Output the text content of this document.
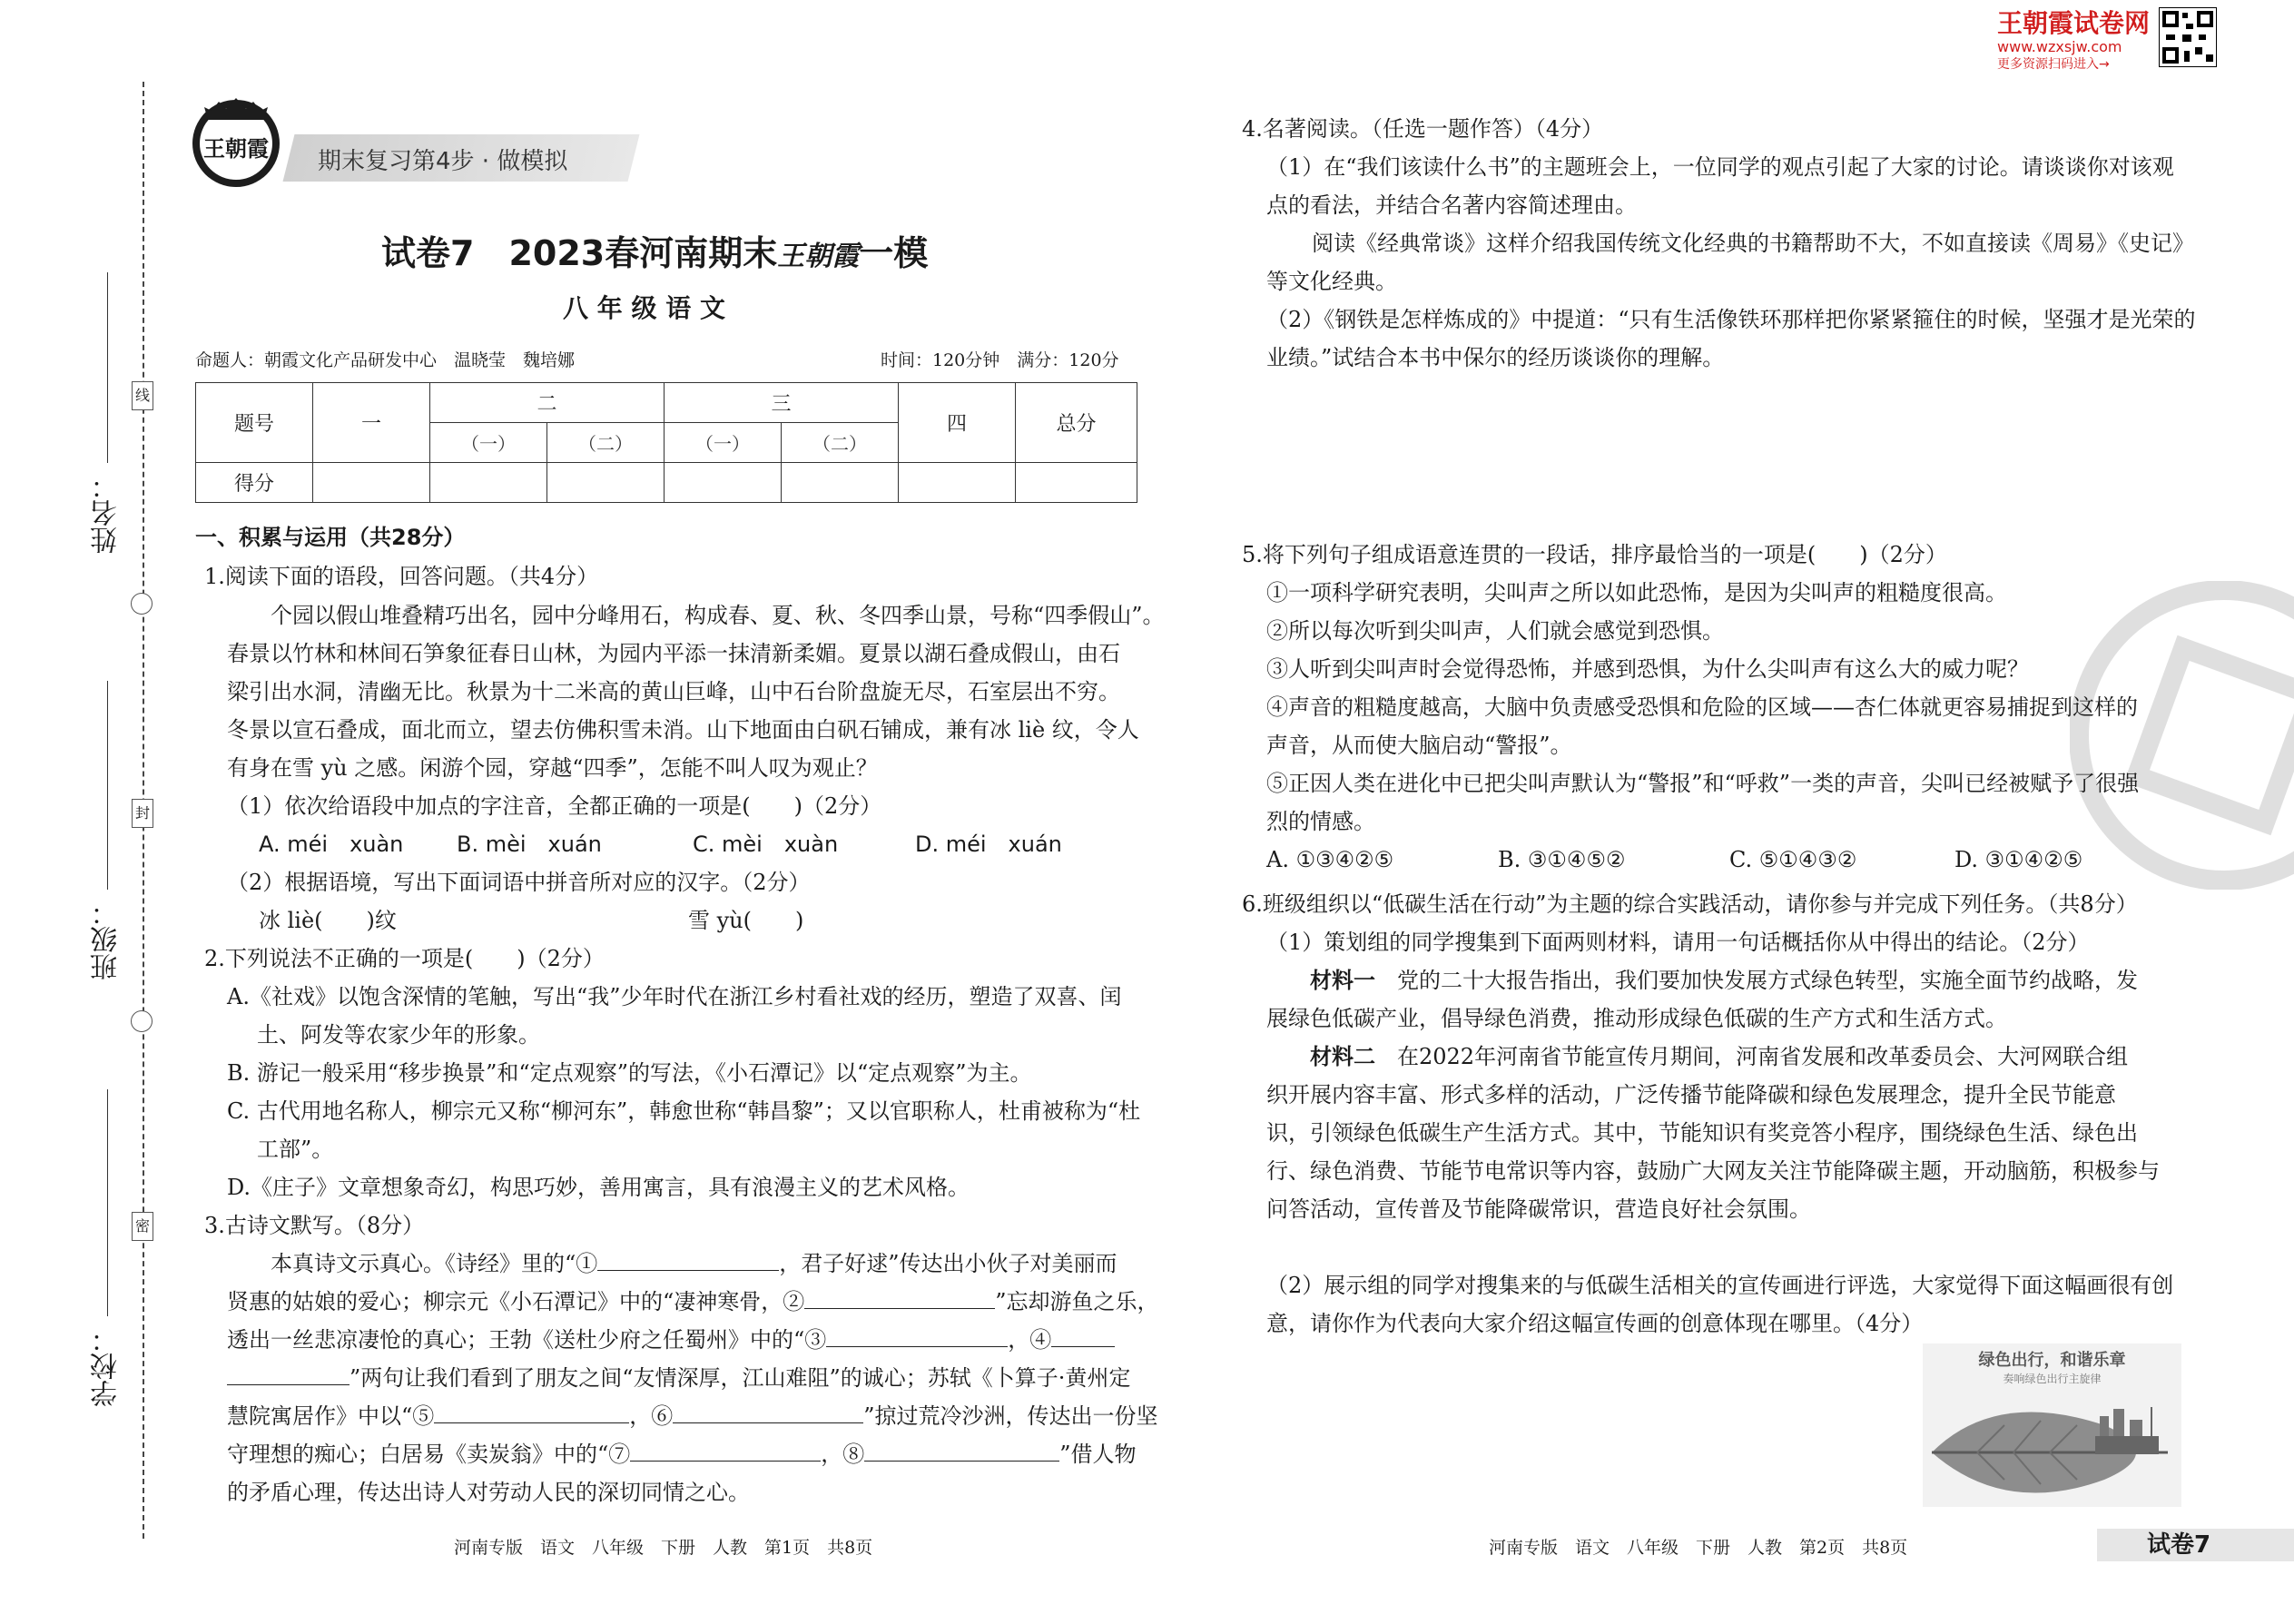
王朝霞试卷网
www.wzxsjw.com
更多资源扫码进入→
姓名：
班级：
学校：
线
封
密
王朝霞 期末复习第4步 · 做模拟
试卷7　2023春河南期末王朝霞一模
八 年 级 语 文
命题人：朝霞文化产品研发中心　温晓莹　魏培娜	时间：120分钟　满分：120分
题号	一	二		三		四	总分
		（一）	（二）	（一）	（二）		
得分							
一、积累与运用（共28分）
1.阅读下面的语段，回答问题。（共4分）
个园以假山堆叠精巧出名，园中分峰用石，构成春、夏、秋、冬四季山景，号称“四季假山”。
春景以竹林和林间石笋象征春日山林，为园内平添一抹清新柔媚。夏景以湖石叠成假山，由石
梁引出水洞，清幽无比。秋景为十二米高的黄山巨峰，山中石台阶盘旋无尽，石室层出不穷。
冬景以宣石叠成，面北而立，望去仿佛积雪未消。山下地面由白矾石铺成，兼有冰 liè 纹，令人
有身在雪 yù 之感。闲游个园，穿越“四季”，怎能不叫人叹为观止？
（1）依次给语段中加点的字注音，全都正确的一项是(　　)（2分）
A. méi　xuàn B. mèi　xuán	C. mèi　xuàn	D. méi　xuán
（2）根据语境，写出下面词语中拼音所对应的汉字。（2分）
冰 liè(　　)纹	雪 yù(　　)
2.下列说法不正确的一项是(　　)（2分）
A.《社戏》以饱含深情的笔触，写出“我”少年时代在浙江乡村看社戏的经历，塑造了双喜、闰
土、阿发等农家少年的形象。
B. 游记一般采用“移步换景”和“定点观察”的写法，《小石潭记》以“定点观察”为主。
C. 古代用地名称人，柳宗元又称“柳河东”，韩愈世称“韩昌黎”；又以官职称人，杜甫被称为“杜
工部”。
D.《庄子》文章想象奇幻，构思巧妙，善用寓言，具有浪漫主义的艺术风格。
3.古诗文默写。（8分）
本真诗文示真心。《诗经》里的“①	，君子好逑”传达出小伙子对美丽而
贤惠的姑娘的爱心；柳宗元《小石潭记》中的“凄神寒骨，②	”忘却游鱼之乐，
透出一丝悲凉凄怆的真心；王勃《送杜少府之任蜀州》中的“③	，④
”两句让我们看到了朋友之间“友情深厚，江山难阻”的诚心；苏轼《卜算子·黄州定
慧院寓居作》中以“⑤	，⑥	”掠过荒冷沙洲，传达出一份坚
守理想的痴心；白居易《卖炭翁》中的“⑦	，⑧	”借人物
的矛盾心理，传达出诗人对劳动人民的深切同情之心。
河南专版　语文　八年级　下册　人教　第1页　共8页
4.名著阅读。（任选一题作答）（4分）
（1）在“我们该读什么书”的主题班会上，一位同学的观点引起了大家的讨论。请谈谈你对该观
点的看法，并结合名著内容简述理由。
阅读《经典常谈》这样介绍我国传统文化经典的书籍帮助不大，不如直接读《周易》《史记》
等文化经典。
（2）《钢铁是怎样炼成的》中提道：“只有生活像铁环那样把你紧紧箍住的时候，坚强才是光荣的
业绩。”试结合本书中保尔的经历谈谈你的理解。
5.将下列句子组成语意连贯的一段话，排序最恰当的一项是(　　)（2分）
①一项科学研究表明，尖叫声之所以如此恐怖，是因为尖叫声的粗糙度很高。
②所以每次听到尖叫声，人们就会感觉到恐惧。
③人听到尖叫声时会觉得恐怖，并感到恐惧，为什么尖叫声有这么大的威力呢？
④声音的粗糙度越高，大脑中负责感受恐惧和危险的区域——杏仁体就更容易捕捉到这样的
声音，从而使大脑启动“警报”。
⑤正因人类在进化中已把尖叫声默认为“警报”和“呼救”一类的声音，尖叫已经被赋予了很强
烈的情感。
A. ①③④②⑤	B. ③①④⑤②	C. ⑤①④③②	D. ③①④②⑤
6.班级组织以“低碳生活在行动”为主题的综合实践活动，请你参与并完成下列任务。（共8分）
（1）策划组的同学搜集到下面两则材料，请用一句话概括你从中得出的结论。（2分）
材料一　 党的二十大报告指出，我们要加快发展方式绿色转型，实施全面节约战略，发
展绿色低碳产业，倡导绿色消费，推动形成绿色低碳的生产方式和生活方式。
材料二　 在2022年河南省节能宣传月期间，河南省发展和改革委员会、大河网联合组
织开展内容丰富、形式多样的活动，广泛传播节能降碳和绿色发展理念，提升全民节能意
识，引领绿色低碳生产生活方式。其中，节能知识有奖竞答小程序，围绕绿色生活、绿色出
行、绿色消费、节能节电常识等内容，鼓励广大网友关注节能降碳主题，开动脑筋，积极参与
问答活动，宣传普及节能降碳常识，营造良好社会氛围。
（2）展示组的同学对搜集来的与低碳生活相关的宣传画进行评选，大家觉得下面这幅画很有创
意，请你作为代表向大家介绍这幅宣传画的创意体现在哪里。（4分）
绿色出行，和谐乐章
奏响绿色出行主旋律
河南专版　语文　八年级　下册　人教　第2页　共8页	试卷7
